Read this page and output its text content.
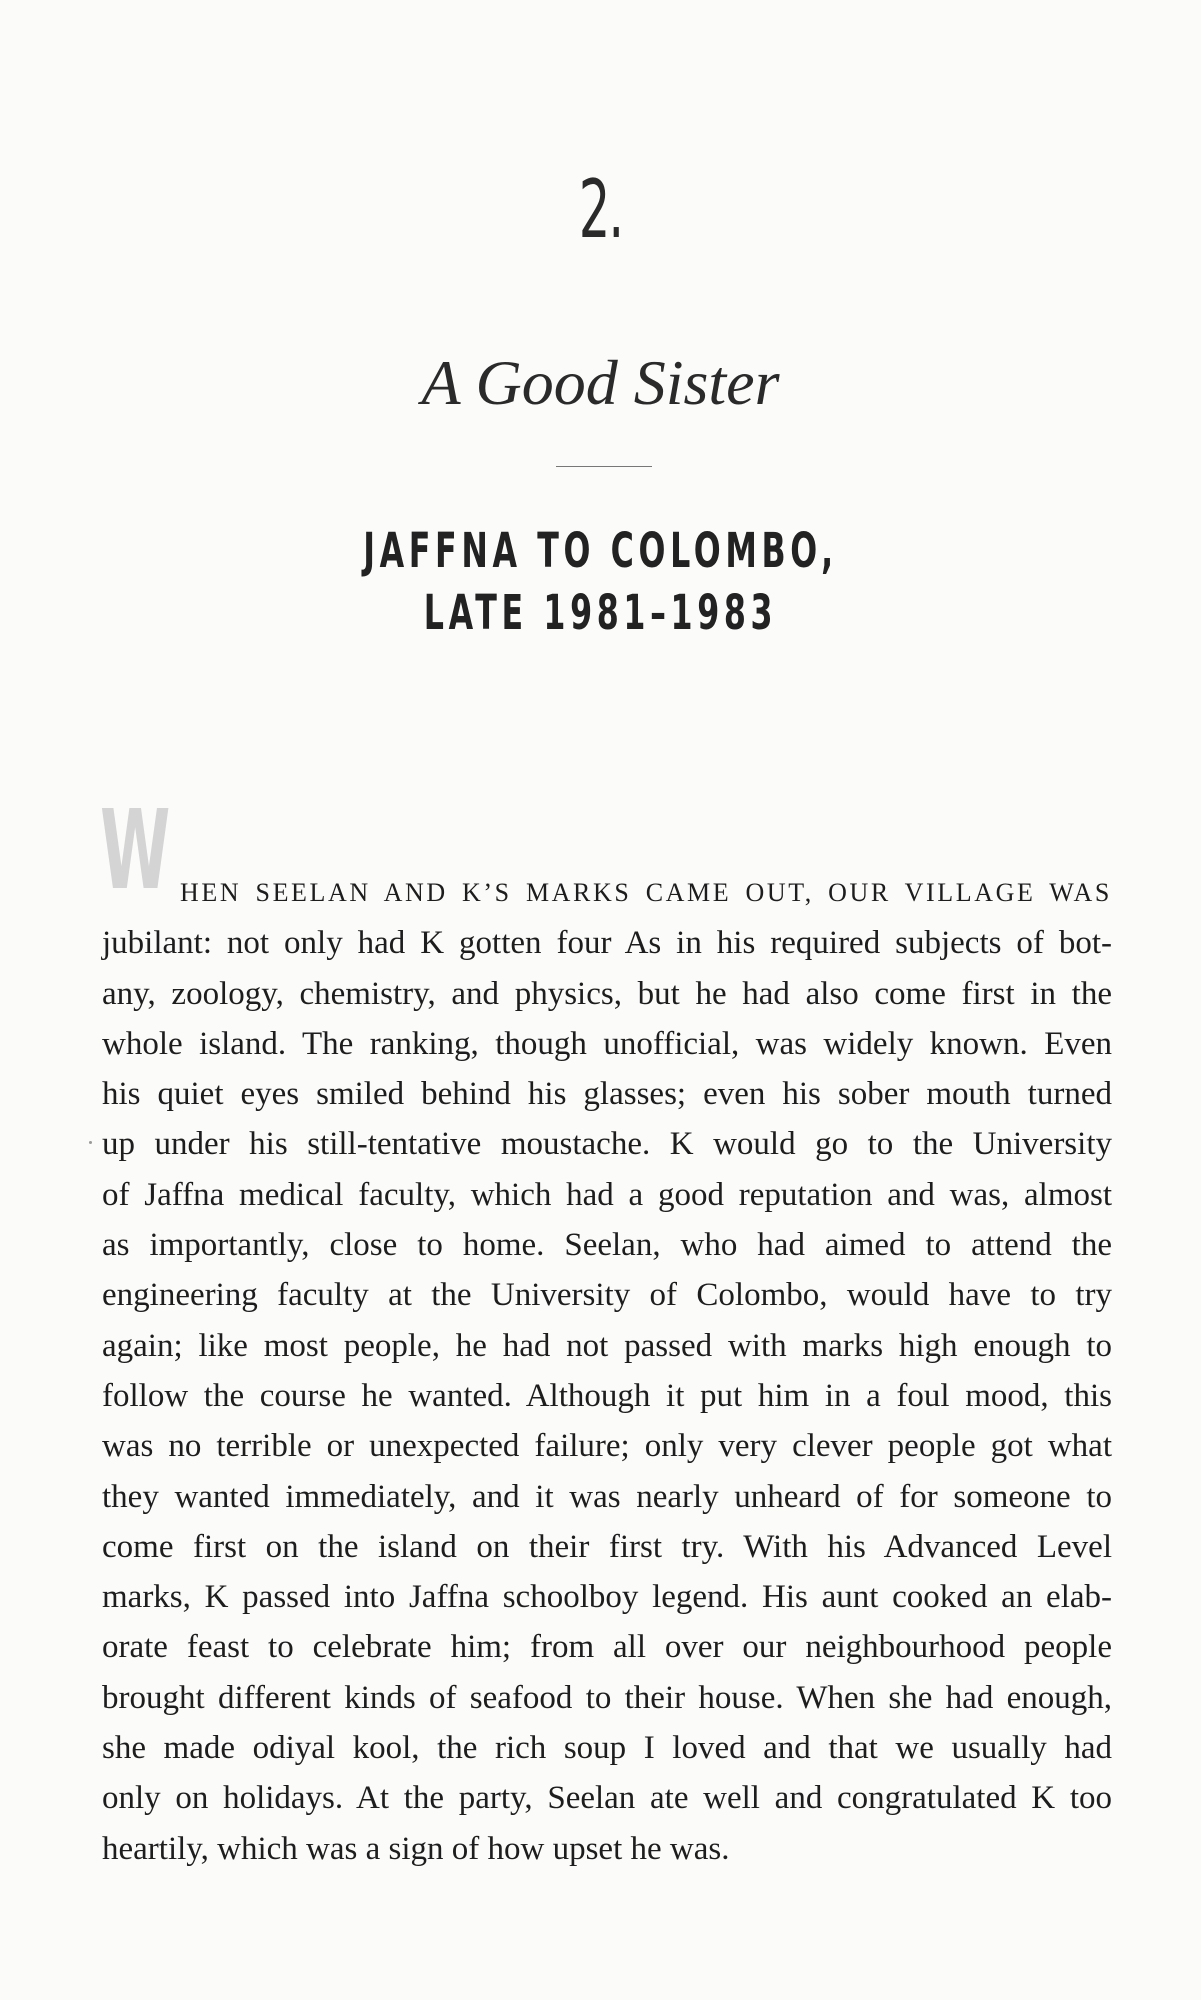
2.
A Good Sister
JAFFNA TO COLOMBO,
LATE 1981–1983
W HEN SEELAN AND K’S MARKS CAME OUT, OUR VILLAGE WAS
jubilant: not only had K gotten four As in his required subjects of bot-
any, zoology, chemistry, and physics, but he had also come first in the
whole island. The ranking, though unofficial, was widely known. Even
his quiet eyes smiled behind his glasses; even his sober mouth turned
up under his still-tentative moustache. K would go to the University
of Jaffna medical faculty, which had a good reputation and was, almost
as importantly, close to home. Seelan, who had aimed to attend the
engineering faculty at the University of Colombo, would have to try
again; like most people, he had not passed with marks high enough to
follow the course he wanted. Although it put him in a foul mood, this
was no terrible or unexpected failure; only very clever people got what
they wanted immediately, and it was nearly unheard of for someone to
come first on the island on their first try. With his Advanced Level
marks, K passed into Jaffna schoolboy legend. His aunt cooked an elab-
orate feast to celebrate him; from all over our neighbourhood people
brought different kinds of seafood to their house. When she had enough,
she made odiyal kool, the rich soup I loved and that we usually had
only on holidays. At the party, Seelan ate well and congratulated K too
heartily, which was a sign of how upset he was.
